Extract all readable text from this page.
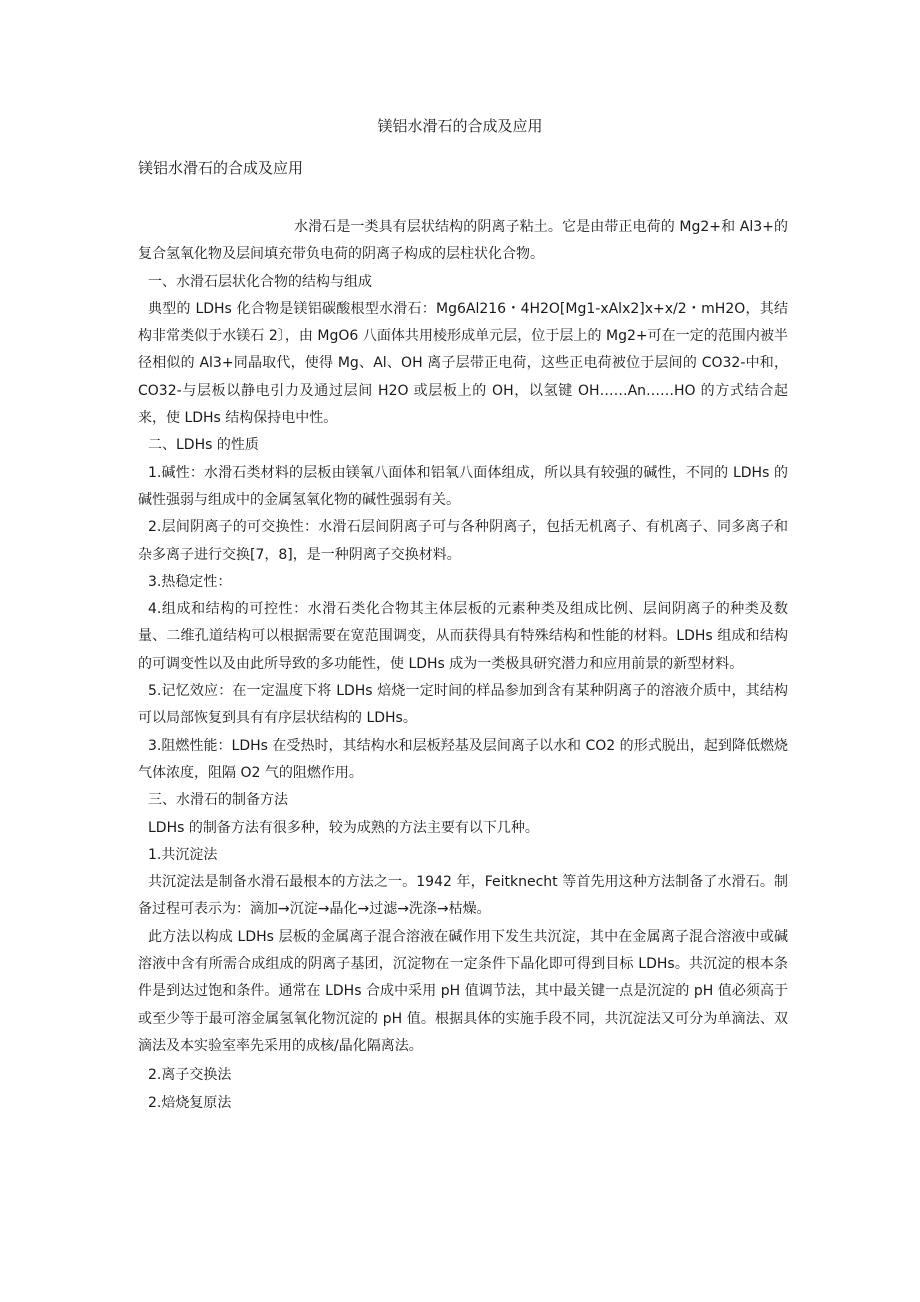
镁铝水滑石的合成及应用
镁铝水滑石的合成及应用

水滑石是一类具有层状结构的阴离子粘土。它是由带正电荷的 Mg2+和 Al3+的复合氢氧化物及层间填充带负电荷的阴离子构成的层柱状化合物。

一、水滑石层状化合物的结构与组成

典型的 LDHs 化合物是镁铝碳酸根型水滑石：Mg6Al216・4H2O[Mg1-xAlx2]x+x/2・mH2O，其结构非常类似于水镁石 2〕，由 MgO6 八面体共用棱形成单元层，位于层上的 Mg2+可在一定的范围内被半径相似的 Al3+同晶取代，使得 Mg、Al、OH 离子层带正电荷，这些正电荷被位于层间的 CO32-中和，CO32-与层板以静电引力及通过层间 H2O 或层板上的 OH，以氢键 OH……An……HO 的方式结合起来，使 LDHs 结构保持电中性。

二、LDHs 的性质

1.碱性：水滑石类材料的层板由镁氧八面体和铝氧八面体组成，所以具有较强的碱性，不同的 LDHs 的碱性强弱与组成中的金属氢氧化物的碱性强弱有关。

2.层间阴离子的可交换性：水滑石层间阴离子可与各种阴离子，包括无机离子、有机离子、同多离子和杂多离子进行交换[7，8]，是一种阴离子交换材料。

3.热稳定性：

4.组成和结构的可控性：水滑石类化合物其主体层板的元素种类及组成比例、层间阴离子的种类及数量、二维孔道结构可以根据需要在宽范围调变，从而获得具有特殊结构和性能的材料。LDHs 组成和结构的可调变性以及由此所导致的多功能性，使 LDHs 成为一类极具研究潜力和应用前景的新型材料。

5.记忆效应：在一定温度下将 LDHs 焙烧一定时间的样品参加到含有某种阴离子的溶液介质中，其结构可以局部恢复到具有有序层状结构的 LDHs。

3.阻燃性能：LDHs 在受热时，其结构水和层板羟基及层间离子以水和 CO2 的形式脱出，起到降低燃烧气体浓度，阻隔 O2 气的阻燃作用。

三、水滑石的制备方法

LDHs 的制备方法有很多种，较为成熟的方法主要有以下几种。

1.共沉淀法

共沉淀法是制备水滑石最根本的方法之一。1942 年，Feitknecht 等首先用这种方法制备了水滑石。制备过程可表示为：滴加→沉淀→晶化→过滤→洗涤→枯燥。

此方法以构成 LDHs 层板的金属离子混合溶液在碱作用下发生共沉淀，其中在金属离子混合溶液中或碱溶液中含有所需合成组成的阴离子基团，沉淀物在一定条件下晶化即可得到目标 LDHs。共沉淀的根本条件是到达过饱和条件。通常在 LDHs 合成中采用 pH 值调节法，其中最关键一点是沉淀的 pH 值必须高于或至少等于最可溶金属氢氧化物沉淀的 pH 值。根据具体的实施手段不同，共沉淀法又可分为单滴法、双滴法及本实验室率先采用的成核/晶化隔离法。

2.离子交换法

2.焙烧复原法
